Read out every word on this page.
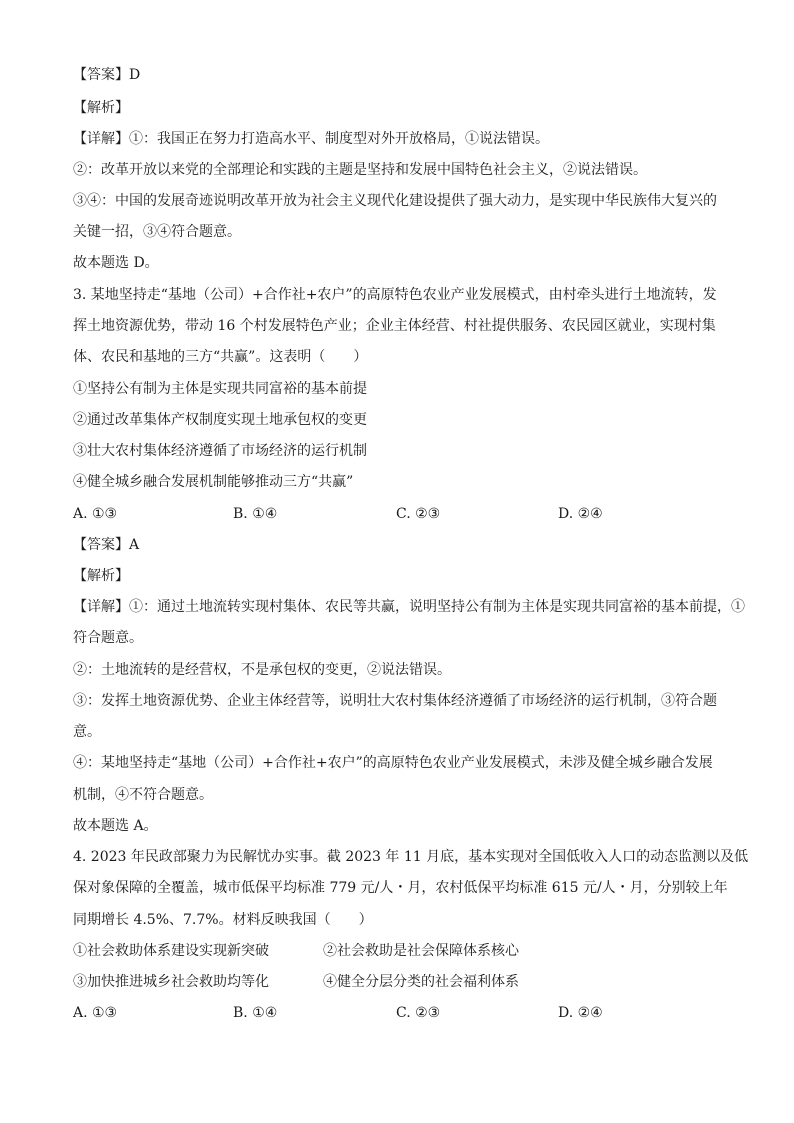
【答案】D
【解析】
【详解】①：我国正在努力打造高水平、制度型对外开放格局，①说法错误。
②：改革开放以来党的全部理论和实践的主题是坚持和发展中国特色社会主义，②说法错误。
③④：中国的发展奇迹说明改革开放为社会主义现代化建设提供了强大动力，是实现中华民族伟大复兴的
关键一招，③④符合题意。
故本题选 D。
3. 某地坚持走“基地（公司）+合作社+农户”的高原特色农业产业发展模式，由村牵头进行土地流转，发
挥土地资源优势，带动 16 个村发展特色产业；企业主体经营、村社提供服务、农民园区就业，实现村集
体、农民和基地的三方“共赢”。这表明（　　）
①坚持公有制为主体是实现共同富裕的基本前提
②通过改革集体产权制度实现土地承包权的变更
③壮大农村集体经济遵循了市场经济的运行机制
④健全城乡融合发展机制能够推动三方“共赢”
A. ①③	B. ①④	C. ②③	D. ②④
【答案】A
【解析】
【详解】①：通过土地流转实现村集体、农民等共赢，说明坚持公有制为主体是实现共同富裕的基本前提，①
符合题意。
②：土地流转的是经营权，不是承包权的变更，②说法错误。
③：发挥土地资源优势、企业主体经营等，说明壮大农村集体经济遵循了市场经济的运行机制，③符合题
意。
④：某地坚持走“基地（公司）+合作社+农户”的高原特色农业产业发展模式，未涉及健全城乡融合发展
机制，④不符合题意。
故本题选 A。
4. 2023 年民政部聚力为民解忧办实事。截 2023 年 11 月底，基本实现对全国低收入人口的动态监测以及低
保对象保障的全覆盖，城市低保平均标准 779 元/人・月，农村低保平均标准 615 元/人・月，分别较上年
同期增长 4.5%、7.7%。材料反映我国（　　）
①社会救助体系建设实现新突破	②社会救助是社会保障体系核心
③加快推进城乡社会救助均等化	④健全分层分类的社会福利体系
A. ①③	B. ①④	C. ②③	D. ②④
